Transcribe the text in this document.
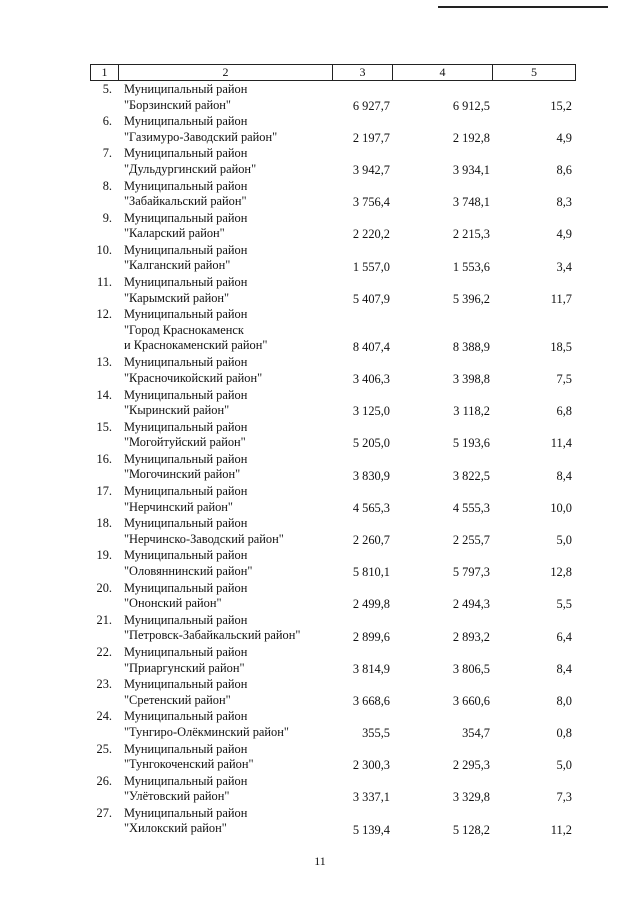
1	2	3	4	5
5. Муниципальный район
"Борзинский район"	6 927,7	6 912,5	15,2
6. Муниципальный район
"Газимуро-Заводский район"	2 197,7	2 192,8	4,9
7. Муниципальный район
"Дульдургинский район"	3 942,7	3 934,1	8,6
8. Муниципальный район
"Забайкальский район"	3 756,4	3 748,1	8,3
9. Муниципальный район
"Каларский район"	2 220,2	2 215,3	4,9
10. Муниципальный район
"Калганский район"	1 557,0	1 553,6	3,4
11. Муниципальный район
"Карымский район"	5 407,9	5 396,2	11,7
12. Муниципальный район
"Город Краснокаменск
и Краснокаменский район"	8 407,4	8 388,9	18,5
13. Муниципальный район
"Красночикойский район"	3 406,3	3 398,8	7,5
14. Муниципальный район
"Кыринский район"	3 125,0	3 118,2	6,8
15. Муниципальный район
"Могойтуйский район"	5 205,0	5 193,6	11,4
16. Муниципальный район
"Могочинский район"	3 830,9	3 822,5	8,4
17. Муниципальный район
"Нерчинский район"	4 565,3	4 555,3	10,0
18. Муниципальный район
"Нерчинско-Заводский район"	2 260,7	2 255,7	5,0
19. Муниципальный район
"Оловяннинский район"	5 810,1	5 797,3	12,8
20. Муниципальный район
"Ононский район"	2 499,8	2 494,3	5,5
21. Муниципальный район
"Петровск-Забайкальский район"	2 899,6	2 893,2	6,4
22. Муниципальный район
"Приаргунский район"	3 814,9	3 806,5	8,4
23. Муниципальный район
"Сретенский район"	3 668,6	3 660,6	8,0
24. Муниципальный район
"Тунгиро-Олёкминский район"	355,5	354,7	0,8
25. Муниципальный район
"Тунгокоченский район"	2 300,3	2 295,3	5,0
26. Муниципальный район
"Улётовский район"	3 337,1	3 329,8	7,3
27. Муниципальный район
"Хилокский район"	5 139,4	5 128,2	11,2
11
